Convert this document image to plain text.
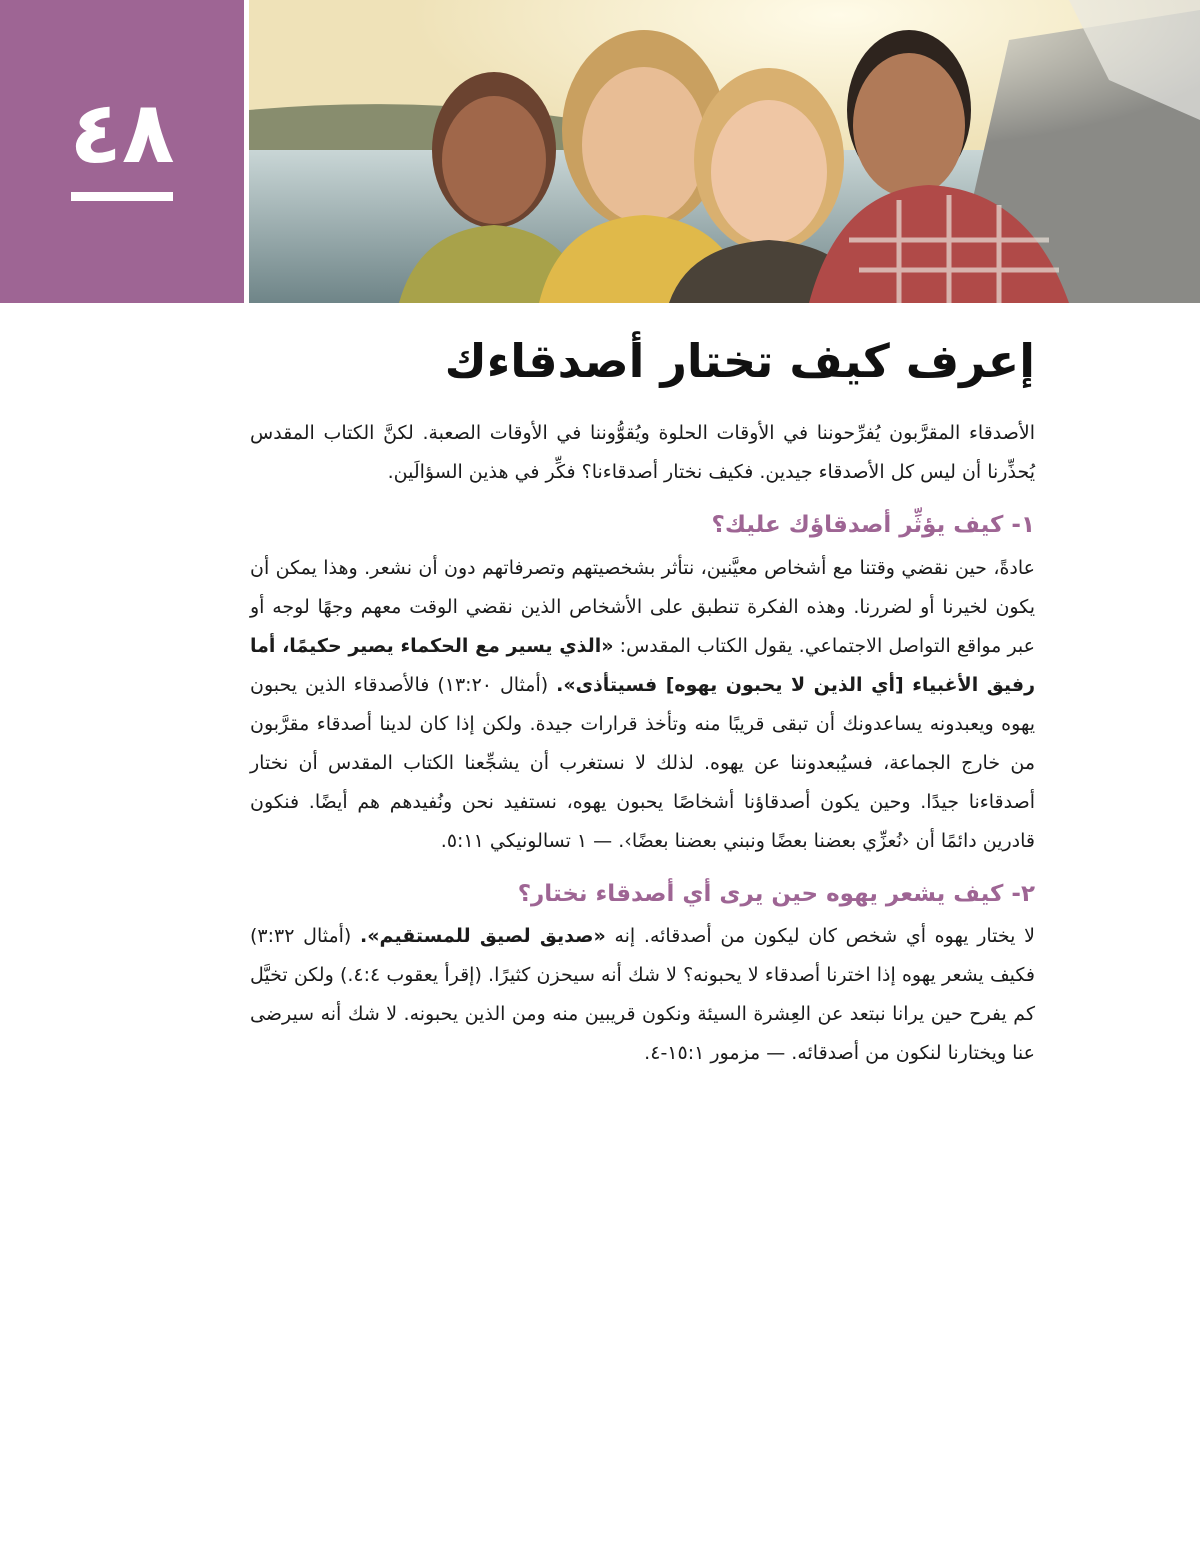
٤٨
إعرف كيف تختار أصدقاءك

الأصدقاء المقرَّبون يُفرِّحوننا في الأوقات الحلوة ويُقوُّوننا في الأوقات الصعبة. لكنَّ الكتاب المقدس يُحذِّرنا أن ليس كل الأصدقاء جيدين. فكيف نختار أصدقاءنا؟ فكِّر في هذين السؤالَين.

١- كيف يؤثِّر أصدقاؤك عليك؟

عادةً، حين نقضي وقتنا مع أشخاص معيَّنين، نتأثر بشخصيتهم وتصرفاتهم دون أن نشعر. وهذا يمكن أن يكون لخيرنا أو لضررنا. وهذه الفكرة تنطبق على الأشخاص الذين نقضي الوقت معهم وجهًا لوجه أو عبر مواقع التواصل الاجتماعي. يقول الكتاب المقدس: «الذي يسير مع الحكماء يصير حكيمًا، أما رفيق الأغبياء [أي الذين لا يحبون يهوه] فسيتأذى». (أمثال ١٣:٢٠) فالأصدقاء الذين يحبون يهوه ويعبدونه يساعدونك أن تبقى قريبًا منه وتأخذ قرارات جيدة. ولكن إذا كان لدينا أصدقاء مقرَّبون من خارج الجماعة، فسيُبعدوننا عن يهوه. لذلك لا نستغرب أن يشجِّعنا الكتاب المقدس أن نختار أصدقاءنا جيدًا. وحين يكون أصدقاؤنا أشخاصًا يحبون يهوه، نستفيد نحن ونُفيدهم هم أيضًا. فنكون قادرين دائمًا أن ‹نُعزِّي بعضنا بعضًا ونبني بعضنا بعضًا›. — ١ تسالونيكي ٥:١١.

٢- كيف يشعر يهوه حين يرى أي أصدقاء نختار؟

لا يختار يهوه أي شخص كان ليكون من أصدقائه. إنه «صديق لصيق للمستقيم». (أمثال ٣:٣٢) فكيف يشعر يهوه إذا اخترنا أصدقاء لا يحبونه؟ لا شك أنه سيحزن كثيرًا. (إقرأ يعقوب ٤:٤.) ولكن تخيَّل كم يفرح حين يرانا نبتعد عن العِشرة السيئة ونكون قريبين منه ومن الذين يحبونه. لا شك أنه سيرضى عنا ويختارنا لنكون من أصدقائه. — مزمور ١٥:١-٤.
